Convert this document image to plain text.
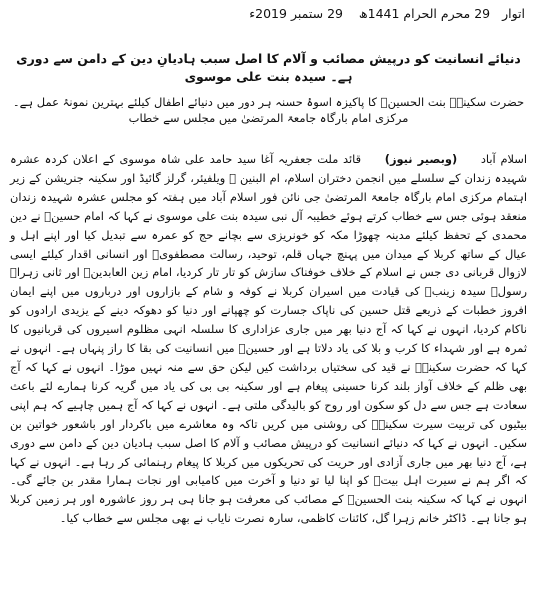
اتوار   29 محرم الحرام 1441ھ    29 ستمبر 2019ء
دنیائے انسانیت کو درپیش مصائب و آلام کا اصل سبب ہادیانِ دین کے دامن سے دوری ہے۔ سیدہ بنت علی موسوی

حضرت سکینہؑ بنت الحسینؑ کا پاکیزہ اسوۂ حسنہ ہر دور میں دنیائے اطفال کیلئے بہترین نمونۂ عمل ہے۔ مرکزی امام بارگاہ جامعۃ المرتضیٰ میں مجلس سے خطاب

اسلام آباد     (وبصیر نیوز)     قائد ملت جعفریہ آغا سید حامد علی شاہ موسوی کے اعلان کردہ عشرہ شہیدہ زندان کے سلسلے میں انجمن دختران اسلام، ام البنین ؑ ویلفیئر، گرلز گائیڈ اور سکینہ جنریشن کے زیر اہتمام مرکزی امام بارگاہ جامعۃ المرتضیٰ جی نائن فور اسلام آباد میں ہفتہ کو مجلس عشرہ شہیدہ زندان منعقد ہوئی جس سے خطاب کرتے ہوئے خطیبہ آل نبی سیدہ بنت علی موسوی نے کہا کہ امام حسینؑ نے دین محمدی کے تحفظ کیلئے مدینہ چھوڑا مکہ کو خونریزی سے بچانے حج کو عمرہ سے تبدیل کیا اور اپنے اہل و عیال کے ساتھ کربلا کے میدان میں پہنچ جہاں قلم، توحید، رسالت مصطفویؐ اور انسانی اقدار کیلئے ایسی لازوال قربانی دی جس نے اسلام کے خلاف خوفناک سازش کو تار تار کردیا، امام زین العابدینؑ اور ثانی زہراؑ رسولؐ سیدہ زینبؑ کی قیادت میں اسیران کربلا نے کوفہ و شام کے بازاروں اور درباروں میں اپنے ایمان افروز خطبات کے ذریعے قتل حسین کی ناپاک جسارت کو چھپانے اور دنیا کو دھوکہ دینے کے یزیدی ارادوں کو ناکام کردیا، انہوں نے کہا کہ آج دنیا بھر میں جاری عزاداری کا سلسلہ انہی مظلوم اسیروں کی قربانیوں کا ثمرہ ہے اور شہداء کا کرب و بلا کی یاد دلاتا ہے اور حسینؑ میں انسانیت کی بقا کا راز پنہاں ہے۔ انہوں نے کہا کہ حضرت سکینہؑ نے قید کی سختیاں برداشت کیں لیکن حق سے منہ نہیں موڑا۔ انہوں نے کہا کہ آج بھی ظلم کے خلاف آواز بلند کرنا حسینی پیغام ہے اور سکینہ بی بی کی یاد میں گریہ کرنا ہمارے لئے باعث سعادت ہے جس سے دل کو سکون اور روح کو بالیدگی ملتی ہے۔ انہوں نے کہا کہ آج ہمیں چاہیے کہ ہم اپنی بیٹیوں کی تربیت سیرت سکینہؑ کی روشنی میں کریں تاکہ وہ معاشرے میں باکردار اور باشعور خواتین بن سکیں۔ انہوں نے کہا کہ دنیائے انسانیت کو درپیش مصائب و آلام کا اصل سبب ہادیان دین کے دامن سے دوری ہے، آج دنیا بھر میں جاری آزادی اور حریت کی تحریکوں میں کربلا کا پیغام رہنمائی کر رہا ہے۔ انہوں نے کہا کہ اگر ہم نے سیرت اہل بیتؑ کو اپنا لیا تو دنیا و آخرت میں کامیابی اور نجات ہمارا مقدر بن جائے گی۔ انہوں نے کہا کہ سکینہ بنت الحسینؑ کے مصائب کی معرفت ہو جانا ہی ہر روز عاشورہ اور ہر زمین کربلا ہو جانا ہے۔ ڈاکٹر خانم زہرا گل، کائنات کاظمی، سارہ نصرت نایاب نے بھی مجلس سے خطاب کیا۔
